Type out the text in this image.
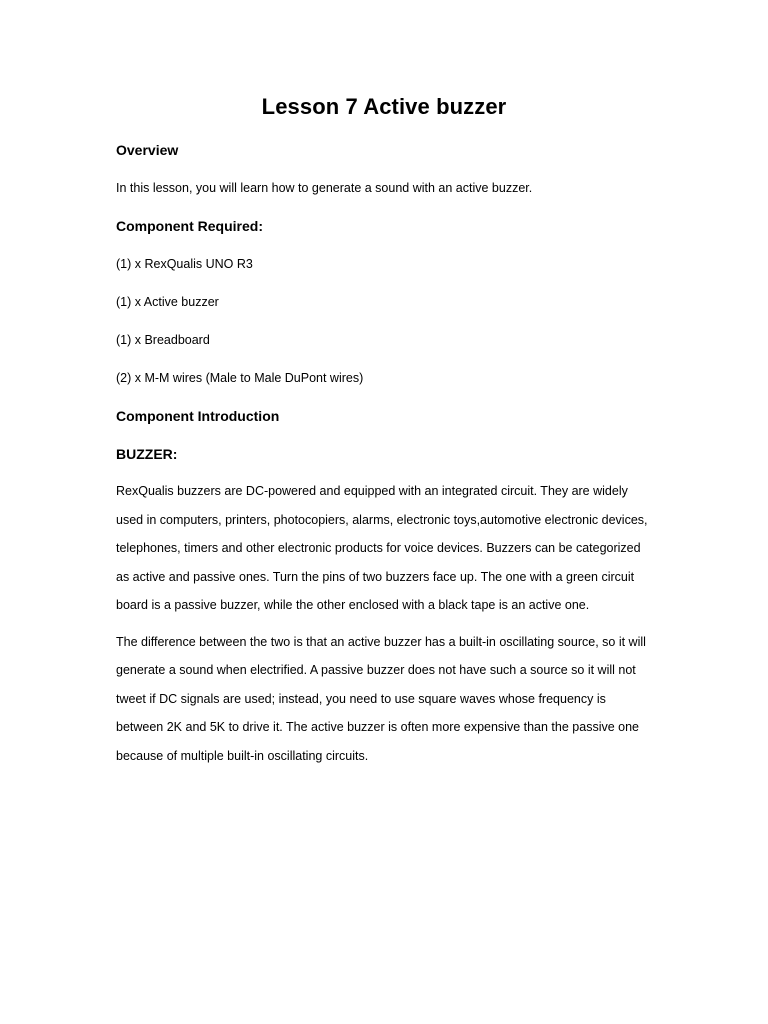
Lesson 7 Active buzzer
Overview

In this lesson, you will learn how to generate a sound with an active buzzer.

Component Required:
(1) x RexQualis UNO R3
(1) x Active buzzer
(1) x Breadboard
(2) x M-M wires (Male to Male DuPont wires)
Component Introduction
BUZZER:

RexQualis buzzers are DC-powered and equipped with an integrated circuit. They are widely used in computers, printers, photocopiers, alarms, electronic toys,automotive electronic devices, telephones, timers and other electronic products for voice devices. Buzzers can be categorized as active and passive ones. Turn the pins of two buzzers face up. The one with a green circuit board is a passive buzzer, while the other enclosed with a black tape is an active one.

The difference between the two is that an active buzzer has a built-in oscillating source, so it will generate a sound when electrified. A passive buzzer does not have such a source so it will not tweet if DC signals are used; instead, you need to use square waves whose frequency is between 2K and 5K to drive it. The active buzzer is often more expensive than the passive one because of multiple built-in oscillating circuits.
